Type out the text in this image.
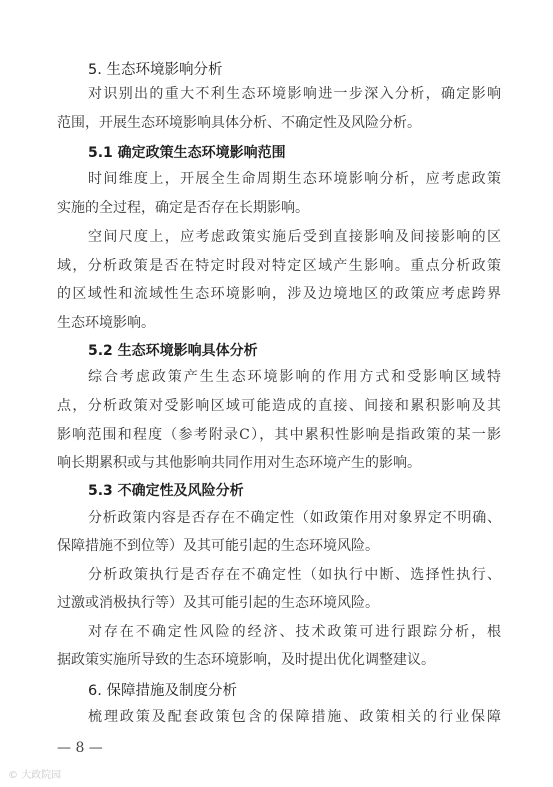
5. 生态环境影响分析
对识别出的重大不利生态环境影响进一步深入分析，确定影响
范围，开展生态环境影响具体分析、不确定性及风险分析。
5.1 确定政策生态环境影响范围
时间维度上，开展全生命周期生态环境影响分析，应考虑政策
实施的全过程，确定是否存在长期影响。
空间尺度上，应考虑政策实施后受到直接影响及间接影响的区
域，分析政策是否在特定时段对特定区域产生影响。重点分析政策
的区域性和流域性生态环境影响，涉及边境地区的政策应考虑跨界
生态环境影响。
5.2 生态环境影响具体分析
综合考虑政策产生生态环境影响的作用方式和受影响区域特
点，分析政策对受影响区域可能造成的直接、间接和累积影响及其
影响范围和程度（参考附录C），其中累积性影响是指政策的某一影
响长期累积或与其他影响共同作用对生态环境产生的影响。
5.3 不确定性及风险分析
分析政策内容是否存在不确定性（如政策作用对象界定不明确、
保障措施不到位等）及其可能引起的生态环境风险。
分析政策执行是否存在不确定性（如执行中断、选择性执行、
过激或消极执行等）及其可能引起的生态环境风险。
对存在不确定性风险的经济、技术政策可进行跟踪分析，根
据政策实施所导致的生态环境影响，及时提出优化调整建议。
6. 保障措施及制度分析
梳理政策及配套政策包含的保障措施、政策相关的行业保障
— 8 —
© 大政院园
